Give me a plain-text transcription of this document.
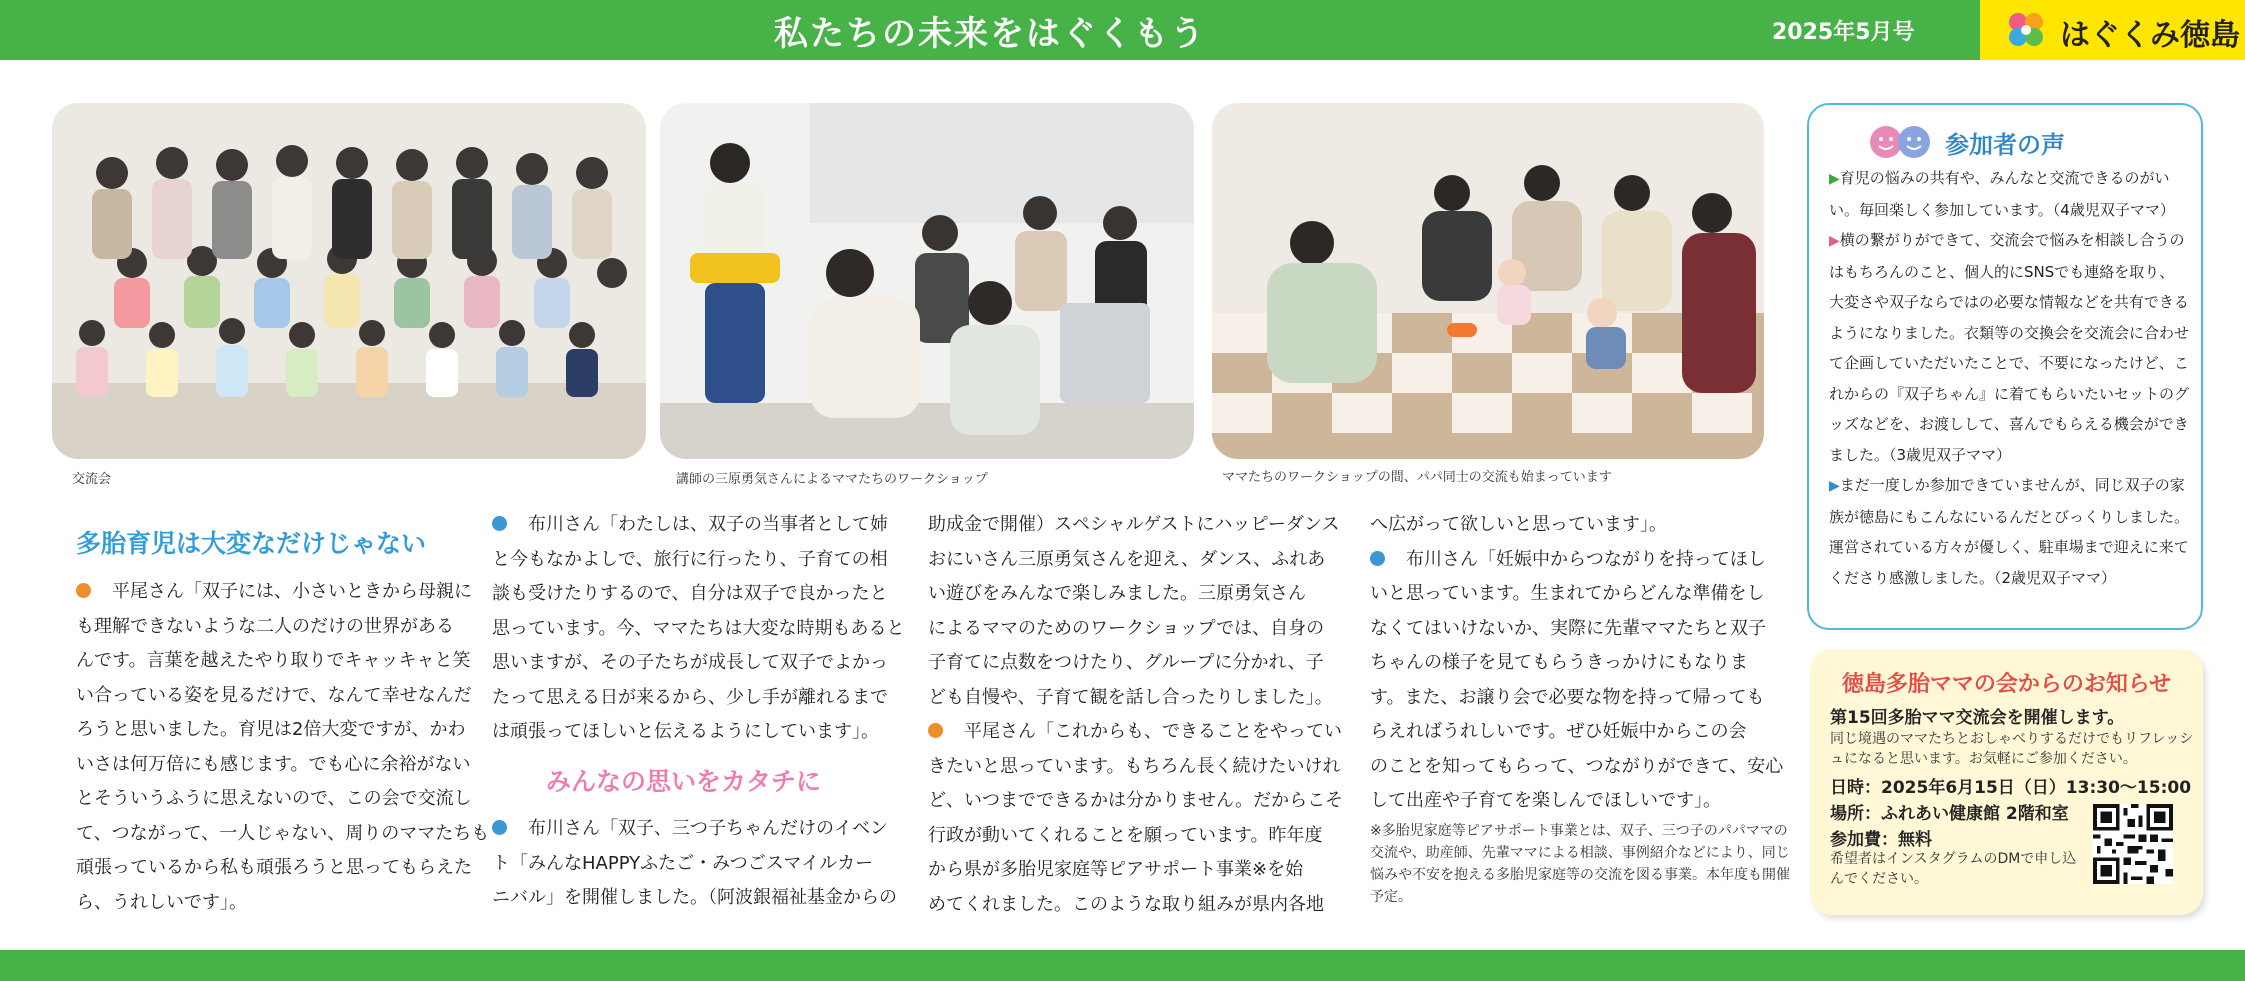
私たちの未来をはぐくもう	2025年5月号	はぐくみ徳島
交流会	講師の三原勇気さんによるママたちのワークショップ	ママたちのワークショップの間、パパ同士の交流も始まっています
多胎育児は大変なだけじゃない

　平尾さん「双子には、小さいときから母親に

も理解できないような二人のだけの世界がある

んです。言葉を越えたやり取りでキャッキャと笑

い合っている姿を見るだけで、なんて幸せなんだ

ろうと思いました。育児は2倍大変ですが、かわ

いさは何万倍にも感じます。でも心に余裕がない

とそういうふうに思えないので、この会で交流し

て、つながって、一人じゃない、周りのママたちも

頑張っているから私も頑張ろうと思ってもらえた

ら、うれしいです」。

　布川さん「わたしは、双子の当事者として姉

と今もなかよしで、旅行に行ったり、子育ての相

談も受けたりするので、自分は双子で良かったと

思っています。今、ママたちは大変な時期もあると

思いますが、その子たちが成長して双子でよかっ

たって思える日が来るから、少し手が離れるまで

は頑張ってほしいと伝えるようにしています」。

みんなの思いをカタチに

　布川さん「双子、三つ子ちゃんだけのイベン

ト「みんなHAPPYふたご・みつごスマイルカー

ニバル」を開催しました。（阿波銀福祉基金からの

助成金で開催）スペシャルゲストにハッピーダンス

おにいさん三原勇気さんを迎え、ダンス、ふれあ

い遊びをみんなで楽しみました。三原勇気さん

によるママのためのワークショップでは、自身の

子育てに点数をつけたり、グループに分かれ、子

ども自慢や、子育て観を話し合ったりしました」。

　平尾さん「これからも、できることをやってい

きたいと思っています。もちろん長く続けたいけれ

ど、いつまでできるかは分かりません。だからこそ

行政が動いてくれることを願っています。昨年度

から県が多胎児家庭等ピアサポート事業※を始

めてくれました。このような取り組みが県内各地

へ広がって欲しいと思っています」。

　布川さん「妊娠中からつながりを持ってほし

いと思っています。生まれてからどんな準備をし

なくてはいけないか、実際に先輩ママたちと双子

ちゃんの様子を見てもらうきっかけにもなりま

す。また、お譲り会で必要な物を持って帰っても

らえればうれしいです。ぜひ妊娠中からこの会

のことを知ってもらって、つながりができて、安心

して出産や子育てを楽しんでほしいです」。

※多胎児家庭等ピアサポート事業とは、双子、三つ子のパパママの交流や、助産師、先輩ママによる相談、事例紹介などにより、同じ悩みや不安を抱える多胎児家庭等の交流を図る事業。本年度も開催予定。
参加者の声

▶育児の悩みの共有や、みんなと交流できるのがいい。毎回楽しく参加しています。（4歳児双子ママ）

▶横の繋がりができて、交流会で悩みを相談し合うのはもちろんのこと、個人的にSNSでも連絡を取り、大変さや双子ならではの必要な情報などを共有できるようになりました。衣類等の交換会を交流会に合わせて企画していただいたことで、不要になったけど、これからの『双子ちゃん』に着てもらいたいセットのグッズなどを、お渡しして、喜んでもらえる機会ができました。（3歳児双子ママ）

▶まだ一度しか参加できていませんが、同じ双子の家族が徳島にもこんなにいるんだとびっくりしました。運営されている方々が優しく、駐車場まで迎えに来てくださり感激しました。（2歳児双子ママ）

徳島多胎ママの会からのお知らせ
第15回多胎ママ交流会を開催します。
同じ境遇のママたちとおしゃべりするだけでもリフレッシュになると思います。お気軽にご参加ください。
日時：2025年6月15日（日）13:30～15:00
場所：ふれあい健康館 2階和室
参加費：無料
希望者はインスタグラムのDMで申し込んでください。
